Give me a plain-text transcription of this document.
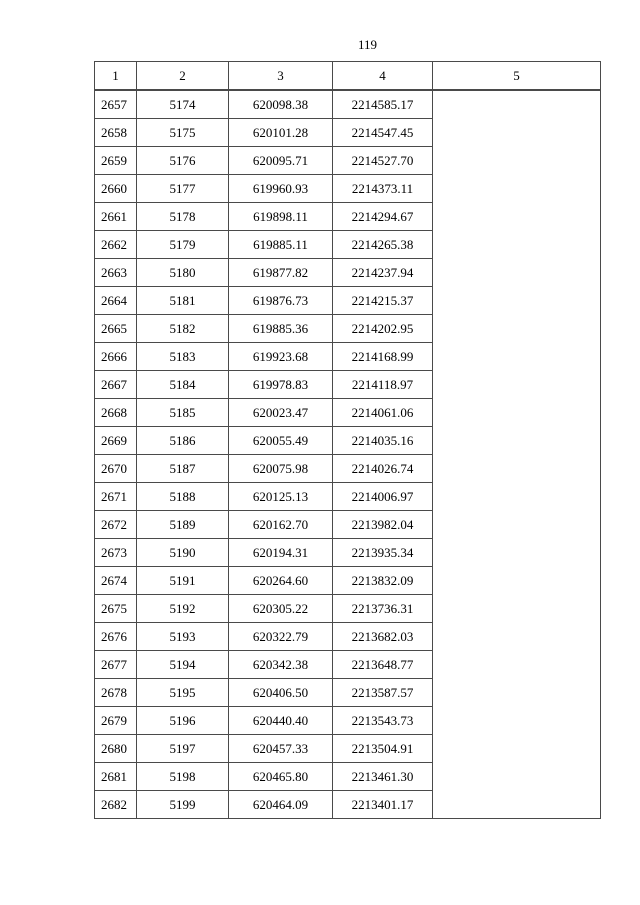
119
1	2	3	4	5
2657	5174	620098.38	2214585.17	
2658	5175	620101.28	2214547.45	
2659	5176	620095.71	2214527.70	
2660	5177	619960.93	2214373.11	
2661	5178	619898.11	2214294.67	
2662	5179	619885.11	2214265.38	
2663	5180	619877.82	2214237.94	
2664	5181	619876.73	2214215.37	
2665	5182	619885.36	2214202.95	
2666	5183	619923.68	2214168.99	
2667	5184	619978.83	2214118.97	
2668	5185	620023.47	2214061.06	
2669	5186	620055.49	2214035.16	
2670	5187	620075.98	2214026.74	
2671	5188	620125.13	2214006.97	
2672	5189	620162.70	2213982.04	
2673	5190	620194.31	2213935.34	
2674	5191	620264.60	2213832.09	
2675	5192	620305.22	2213736.31	
2676	5193	620322.79	2213682.03	
2677	5194	620342.38	2213648.77	
2678	5195	620406.50	2213587.57	
2679	5196	620440.40	2213543.73	
2680	5197	620457.33	2213504.91	
2681	5198	620465.80	2213461.30	
2682	5199	620464.09	2213401.17	
